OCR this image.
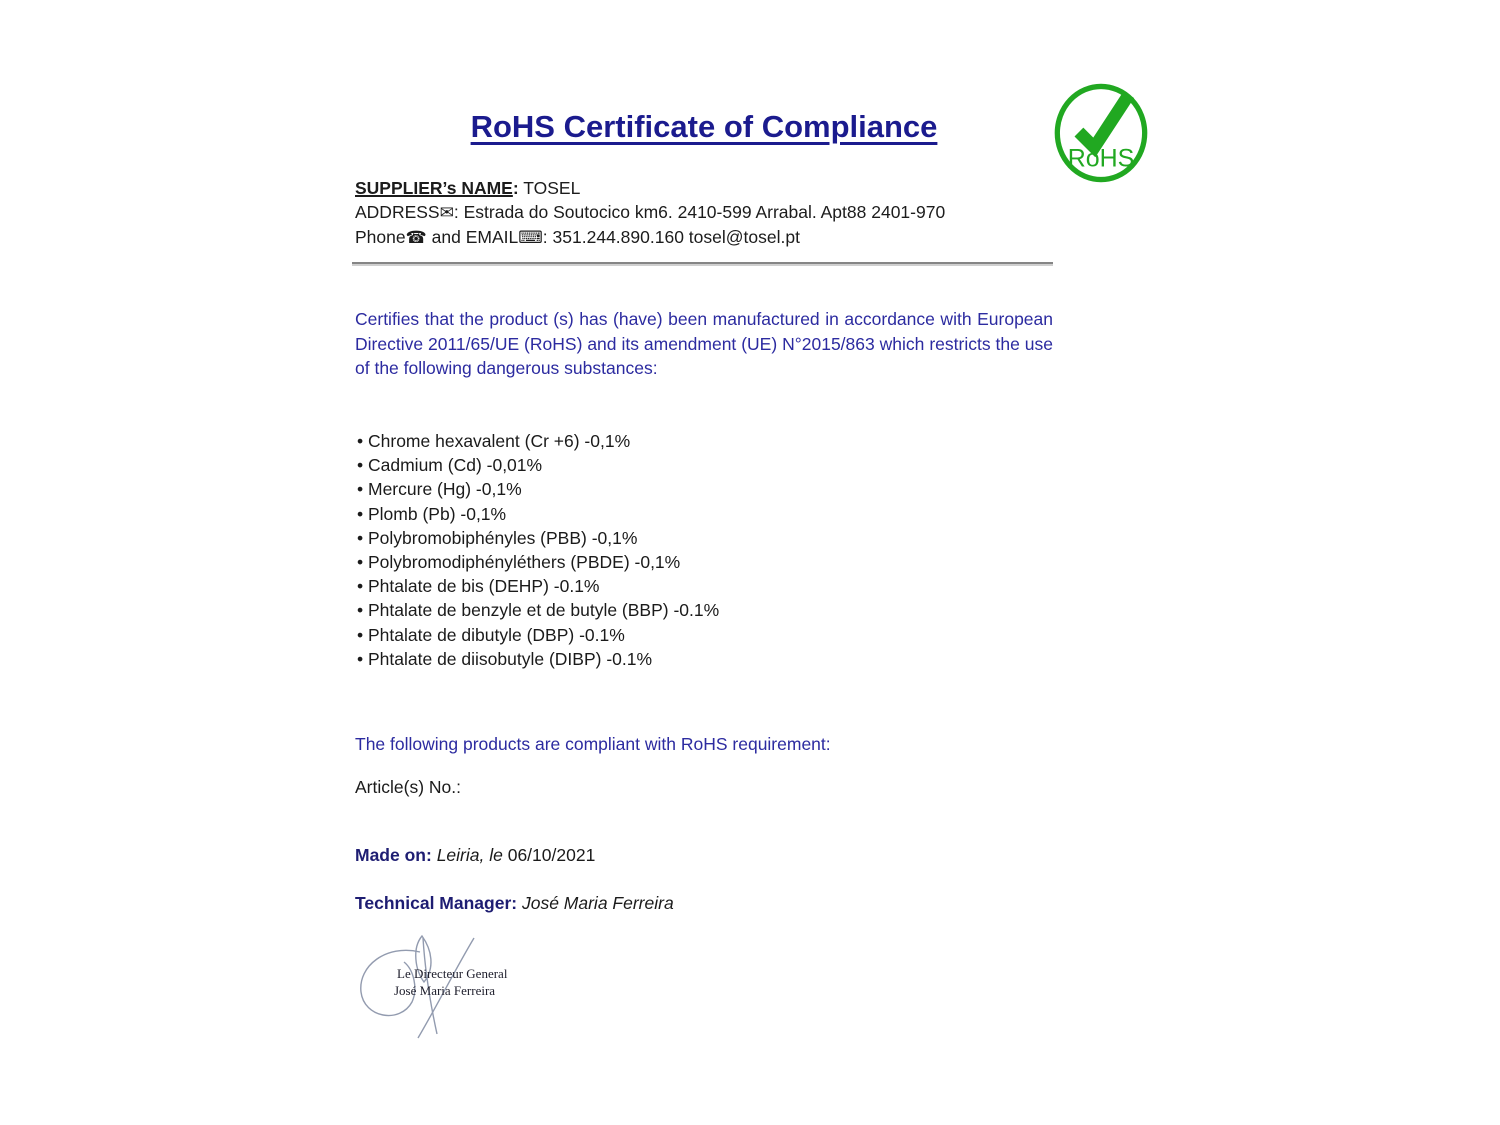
RoHS Certificate of Compliance
RoHS
SUPPLIER’s NAME: TOSEL
ADDRESS✉: Estrada do Soutocico km6. 2410-599 Arrabal. Apt88 2401-970
Phone☎ and EMAIL⌨: 351.244.890.160 tosel@tosel.pt

Certifies that the product (s) has (have) been manufactured in accordance with European Directive 2011/65/UE (RoHS) and its amendment (UE) N°2015/863 which restricts the use of the following dangerous substances:

• Chrome hexavalent (Cr +6) -0,1%
• Cadmium (Cd) -0,01%
• Mercure (Hg) -0,1%
• Plomb (Pb) -0,1%
• Polybromobiphényles (PBB) -0,1%
• Polybromodiphényléthers (PBDE) -0,1%
• Phtalate de bis (DEHP) -0.1%
• Phtalate de benzyle et de butyle (BBP) -0.1%
• Phtalate de dibutyle (DBP) -0.1%
• Phtalate de diisobutyle (DIBP) -0.1%

The following products are compliant with RoHS requirement:

Article(s) No.:

Made on: Leiria, le 06/10/2021

Technical Manager: José Maria Ferreira

Le Directeur General
José Maria Ferreira
